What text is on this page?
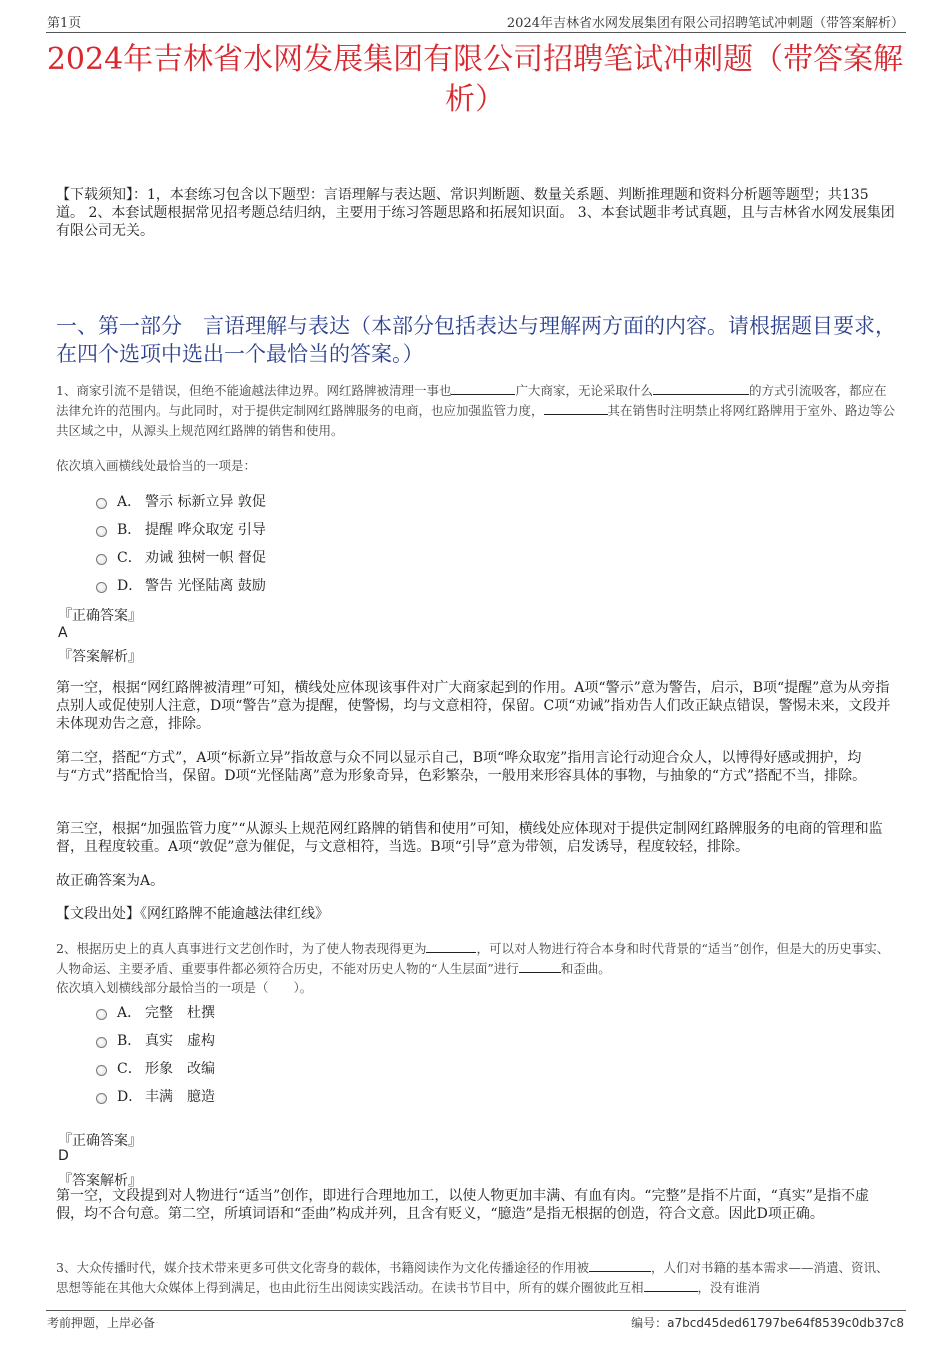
第1页	2024年吉林省水网发展集团有限公司招聘笔试冲刺题（带答案解析）
2024年吉林省水网发展集团有限公司招聘笔试冲刺题（带答案解析）
【下载须知】：1，本套练习包含以下题型：言语理解与表达题、常识判断题、数量关系题、判断推理题和资料分析题等题型；共135道。 2、本套试题根据常见招考题总结归纳，主要用于练习答题思路和拓展知识面。 3、本套试题非考试真题，且与吉林省水网发展集团有限公司无关。
一、第一部分　言语理解与表达（本部分包括表达与理解两方面的内容。请根据题目要求，在四个选项中选出一个最恰当的答案。）
1、商家引流不是错误，但绝不能逾越法律边界。网红路牌被清理一事也	广大商家，无论采取什么	的方式引流吸客，都应在法律允许的范围内。与此同时，对于提供定制网红路牌服务的电商，也应加强监管力度，	其在销售时注明禁止将网红路牌用于室外、路边等公共区域之中，从源头上规范网红路牌的销售和使用。
依次填入画横线处最恰当的一项是：
A． 警示 标新立异 敦促
B． 提醒 哗众取宠 引导
C． 劝诫 独树一帜 督促
D． 警告 光怪陆离 鼓励
『正确答案』
A
『答案解析』
第一空，根据“网红路牌被清理”可知，横线处应体现该事件对广大商家起到的作用。A项“警示”意为警告，启示，B项“提醒”意为从旁指点别人或促使别人注意，D项“警告”意为提醒，使警惕，均与文意相符，保留。C项“劝诫”指劝告人们改正缺点错误，警惕未来，文段并未体现劝告之意，排除。
第二空，搭配“方式”，A项“标新立异”指故意与众不同以显示自己，B项“哗众取宠”指用言论行动迎合众人，以博得好感或拥护，均与“方式”搭配恰当，保留。D项“光怪陆离”意为形象奇异，色彩繁杂，一般用来形容具体的事物，与抽象的“方式”搭配不当，排除。
第三空，根据“加强监管力度”“从源头上规范网红路牌的销售和使用”可知，横线处应体现对于提供定制网红路牌服务的电商的管理和监督，且程度较重。A项“敦促”意为催促，与文意相符，当选。B项“引导”意为带领，启发诱导，程度较轻，排除。
故正确答案为A。
【文段出处】《网红路牌不能逾越法律红线》
2、根据历史上的真人真事进行文艺创作时，为了使人物表现得更为	，可以对人物进行符合本身和时代背景的“适当”创作，但是大的历史事实、人物命运、主要矛盾、重要事件都必须符合历史，不能对历史人物的“人生层面”进行	和歪曲。
依次填入划横线部分最恰当的一项是（　　）。
A． 完整　杜撰
B． 真实　虚构
C． 形象　改编
D． 丰满　臆造
『正确答案』
D
『答案解析』
第一空，文段提到对人物进行“适当”创作，即进行合理地加工，以使人物更加丰满、有血有肉。“完整”是指不片面，“真实”是指不虚假，均不合句意。第二空，所填词语和“歪曲”构成并列，且含有贬义，“臆造”是指无根据的创造，符合文意。因此D项正确。
3、大众传播时代，媒介技术带来更多可供文化寄身的载体，书籍阅读作为文化传播途径的作用被	，人们对书籍的基本需求——消遣、资讯、思想等能在其他大众媒体上得到满足，也由此衍生出阅读实践活动。在读书节目中，所有的媒介圈彼此互相	，没有谁消
考前押题，上岸必备	编号：a7bcd45ded61797be64f8539c0db37c8
